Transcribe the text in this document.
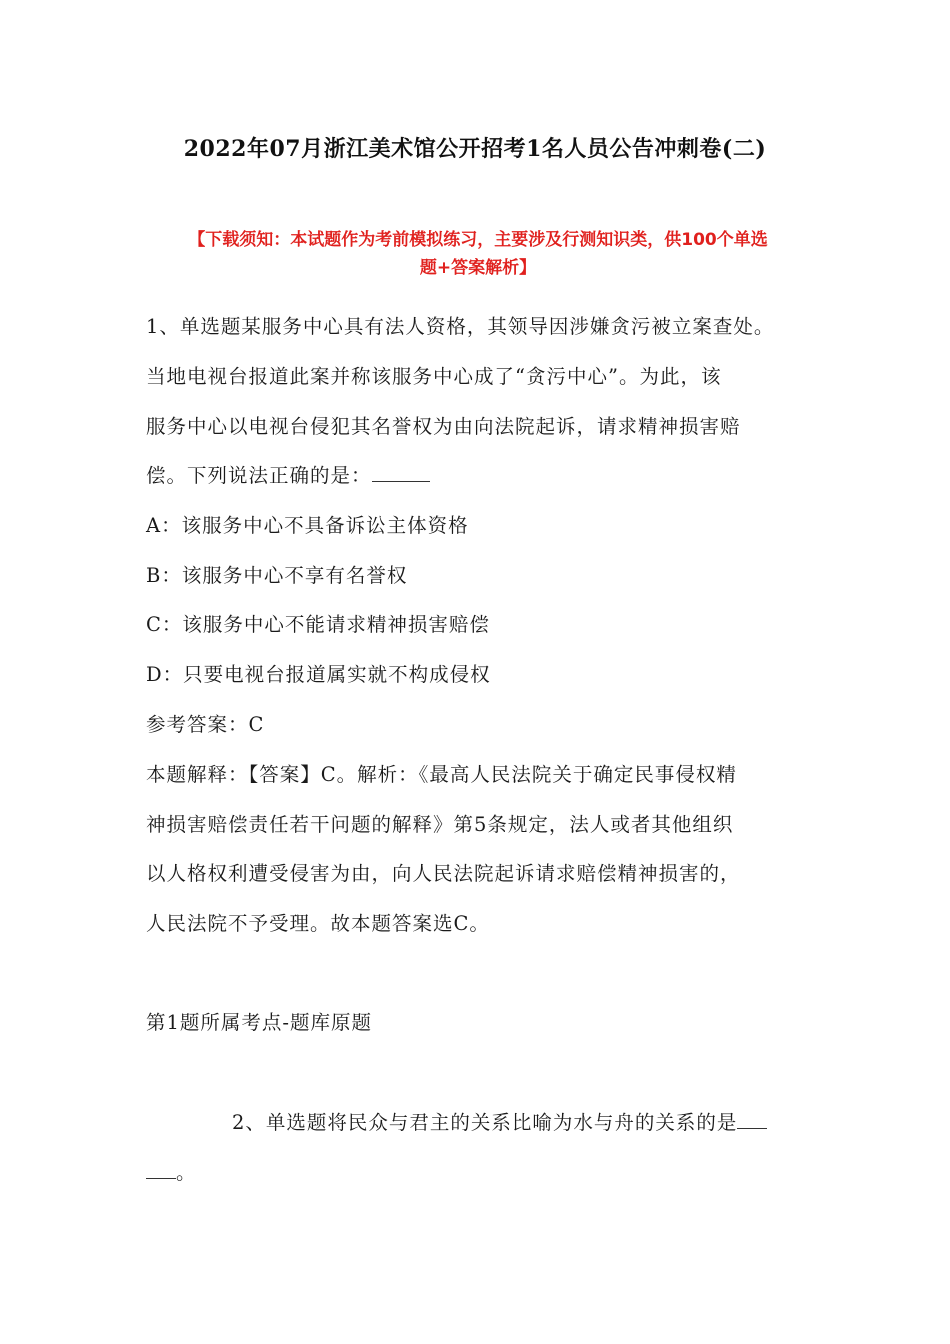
2022年07月浙江美术馆公开招考1名人员公告冲刺卷(二)
【下载须知：本试题作为考前模拟练习，主要涉及行测知识类，供100个单选
题+答案解析】
1、单选题某服务中心具有法人资格，其领导因涉嫌贪污被立案查处。
当地电视台报道此案并称该服务中心成了“贪污中心”。为此，该
服务中心以电视台侵犯其名誉权为由向法院起诉，请求精神损害赔
偿。下列说法正确的是：
A：该服务中心不具备诉讼主体资格
B：该服务中心不享有名誉权
C：该服务中心不能请求精神损害赔偿
D：只要电视台报道属实就不构成侵权
参考答案：C
本题解释：【答案】C。解析：《最高人民法院关于确定民事侵权精
神损害赔偿责任若干问题的解释》第5条规定，法人或者其他组织
以人格权利遭受侵害为由，向人民法院起诉请求赔偿精神损害的，
人民法院不予受理。故本题答案选C。
第1题所属考点-题库原题
2、单选题将民众与君主的关系比喻为水与舟的关系的是
。
